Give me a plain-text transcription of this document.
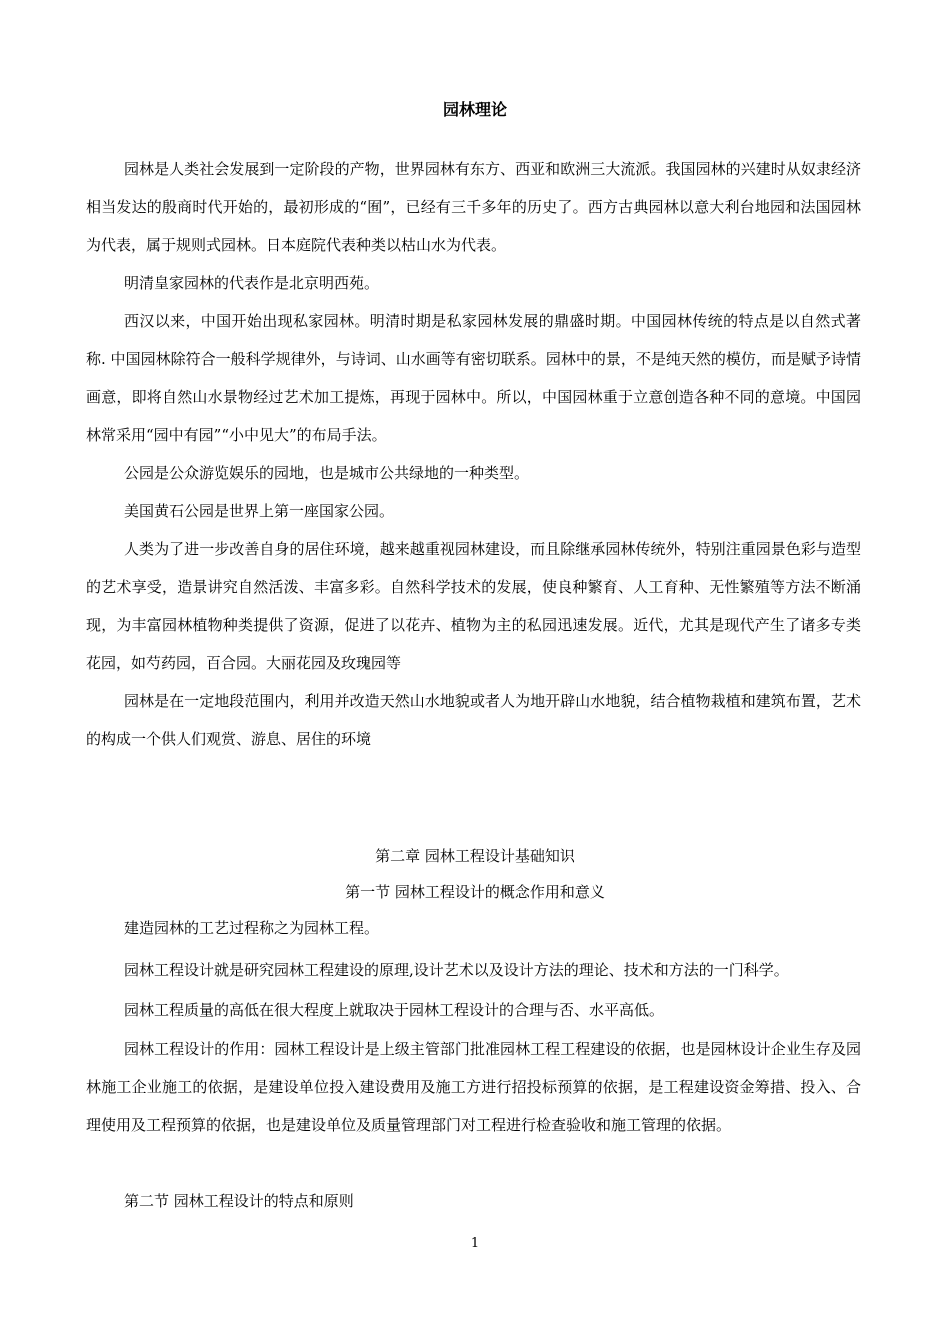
园林理论
园林是人类社会发展到一定阶段的产物，世界园林有东方、西亚和欧洲三大流派。我国园林的兴建时从奴隶经济相当发达的殷商时代开始的，最初形成的“囿”，已经有三千多年的历史了。西方古典园林以意大利台地园和法国园林为代表，属于规则式园林。日本庭院代表种类以枯山水为代表。
明清皇家园林的代表作是北京明西苑。
西汉以来，中国开始出现私家园林。明清时期是私家园林发展的鼎盛时期。中国园林传统的特点是以自然式著称. 中国园林除符合一般科学规律外，与诗词、山水画等有密切联系。园林中的景，不是纯天然的模仿，而是赋予诗情画意，即将自然山水景物经过艺术加工提炼，再现于园林中。所以，中国园林重于立意创造各种不同的意境。中国园林常采用“园中有园”“小中见大”的布局手法。
公园是公众游览娱乐的园地，也是城市公共绿地的一种类型。
美国黄石公园是世界上第一座国家公园。
人类为了进一步改善自身的居住环境，越来越重视园林建设，而且除继承园林传统外，特别注重园景色彩与造型的艺术享受，造景讲究自然活泼、丰富多彩。自然科学技术的发展，使良种繁育、人工育种、无性繁殖等方法不断涌现，为丰富园林植物种类提供了资源，促进了以花卉、植物为主的私园迅速发展。近代，尤其是现代产生了诸多专类花园，如芍药园，百合园。大丽花园及玫瑰园等
园林是在一定地段范围内，利用并改造天然山水地貌或者人为地开辟山水地貌，结合植物栽植和建筑布置，艺术的构成一个供人们观赏、游息、居住的环境
第二章 园林工程设计基础知识
第一节 园林工程设计的概念作用和意义
建造园林的工艺过程称之为园林工程。
园林工程设计就是研究园林工程建设的原理,设计艺术以及设计方法的理论、技术和方法的一门科学。
园林工程质量的高低在很大程度上就取决于园林工程设计的合理与否、水平高低。
园林工程设计的作用：园林工程设计是上级主管部门批准园林工程工程建设的依据，也是园林设计企业生存及园林施工企业施工的依据，是建设单位投入建设费用及施工方进行招投标预算的依据，是工程建设资金筹措、投入、合理使用及工程预算的依据，也是建设单位及质量管理部门对工程进行检查验收和施工管理的依据。
第二节 园林工程设计的特点和原则
1
